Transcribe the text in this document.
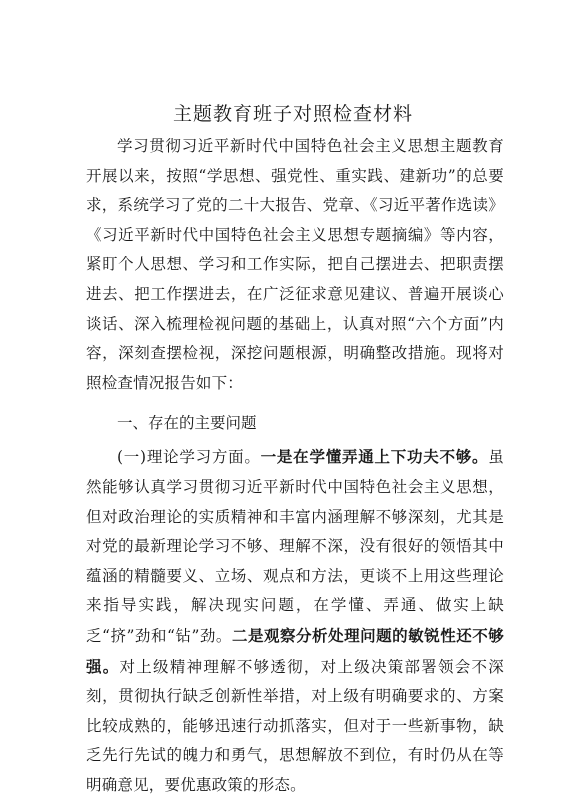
主题教育班子对照检查材料

学习贯彻习近平新时代中国特色社会主义思想主题教育开展以来，按照“学思想、强党性、重实践、建新功”的总要求，系统学习了党的二十大报告、党章、《习近平著作选读》《习近平新时代中国特色社会主义思想专题摘编》等内容，紧盯个人思想、学习和工作实际，把自己摆进去、把职责摆进去、把工作摆进去，在广泛征求意见建议、普遍开展谈心谈话、深入梳理检视问题的基础上，认真对照“六个方面”内容，深刻查摆检视，深挖问题根源，明确整改措施。现将对照检查情况报告如下：

一、存在的主要问题

(一)理论学习方面。一是在学懂弄通上下功夫不够。虽然能够认真学习贯彻习近平新时代中国特色社会主义思想，但对政治理论的实质精神和丰富内涵理解不够深刻，尤其是对党的最新理论学习不够、理解不深，没有很好的领悟其中蕴涵的精髓要义、立场、观点和方法，更谈不上用这些理论来指导实践，解决现实问题，在学懂、弄通、做实上缺乏“挤”劲和“钻”劲。二是观察分析处理问题的敏锐性还不够强。对上级精神理解不够透彻，对上级决策部署领会不深刻，贯彻执行缺乏创新性举措，对上级有明确要求的、方案比较成熟的，能够迅速行动抓落实，但对于一些新事物，缺乏先行先试的魄力和勇气，思想解放不到位，有时仍从在等明确意见，要优惠政策的形态。
